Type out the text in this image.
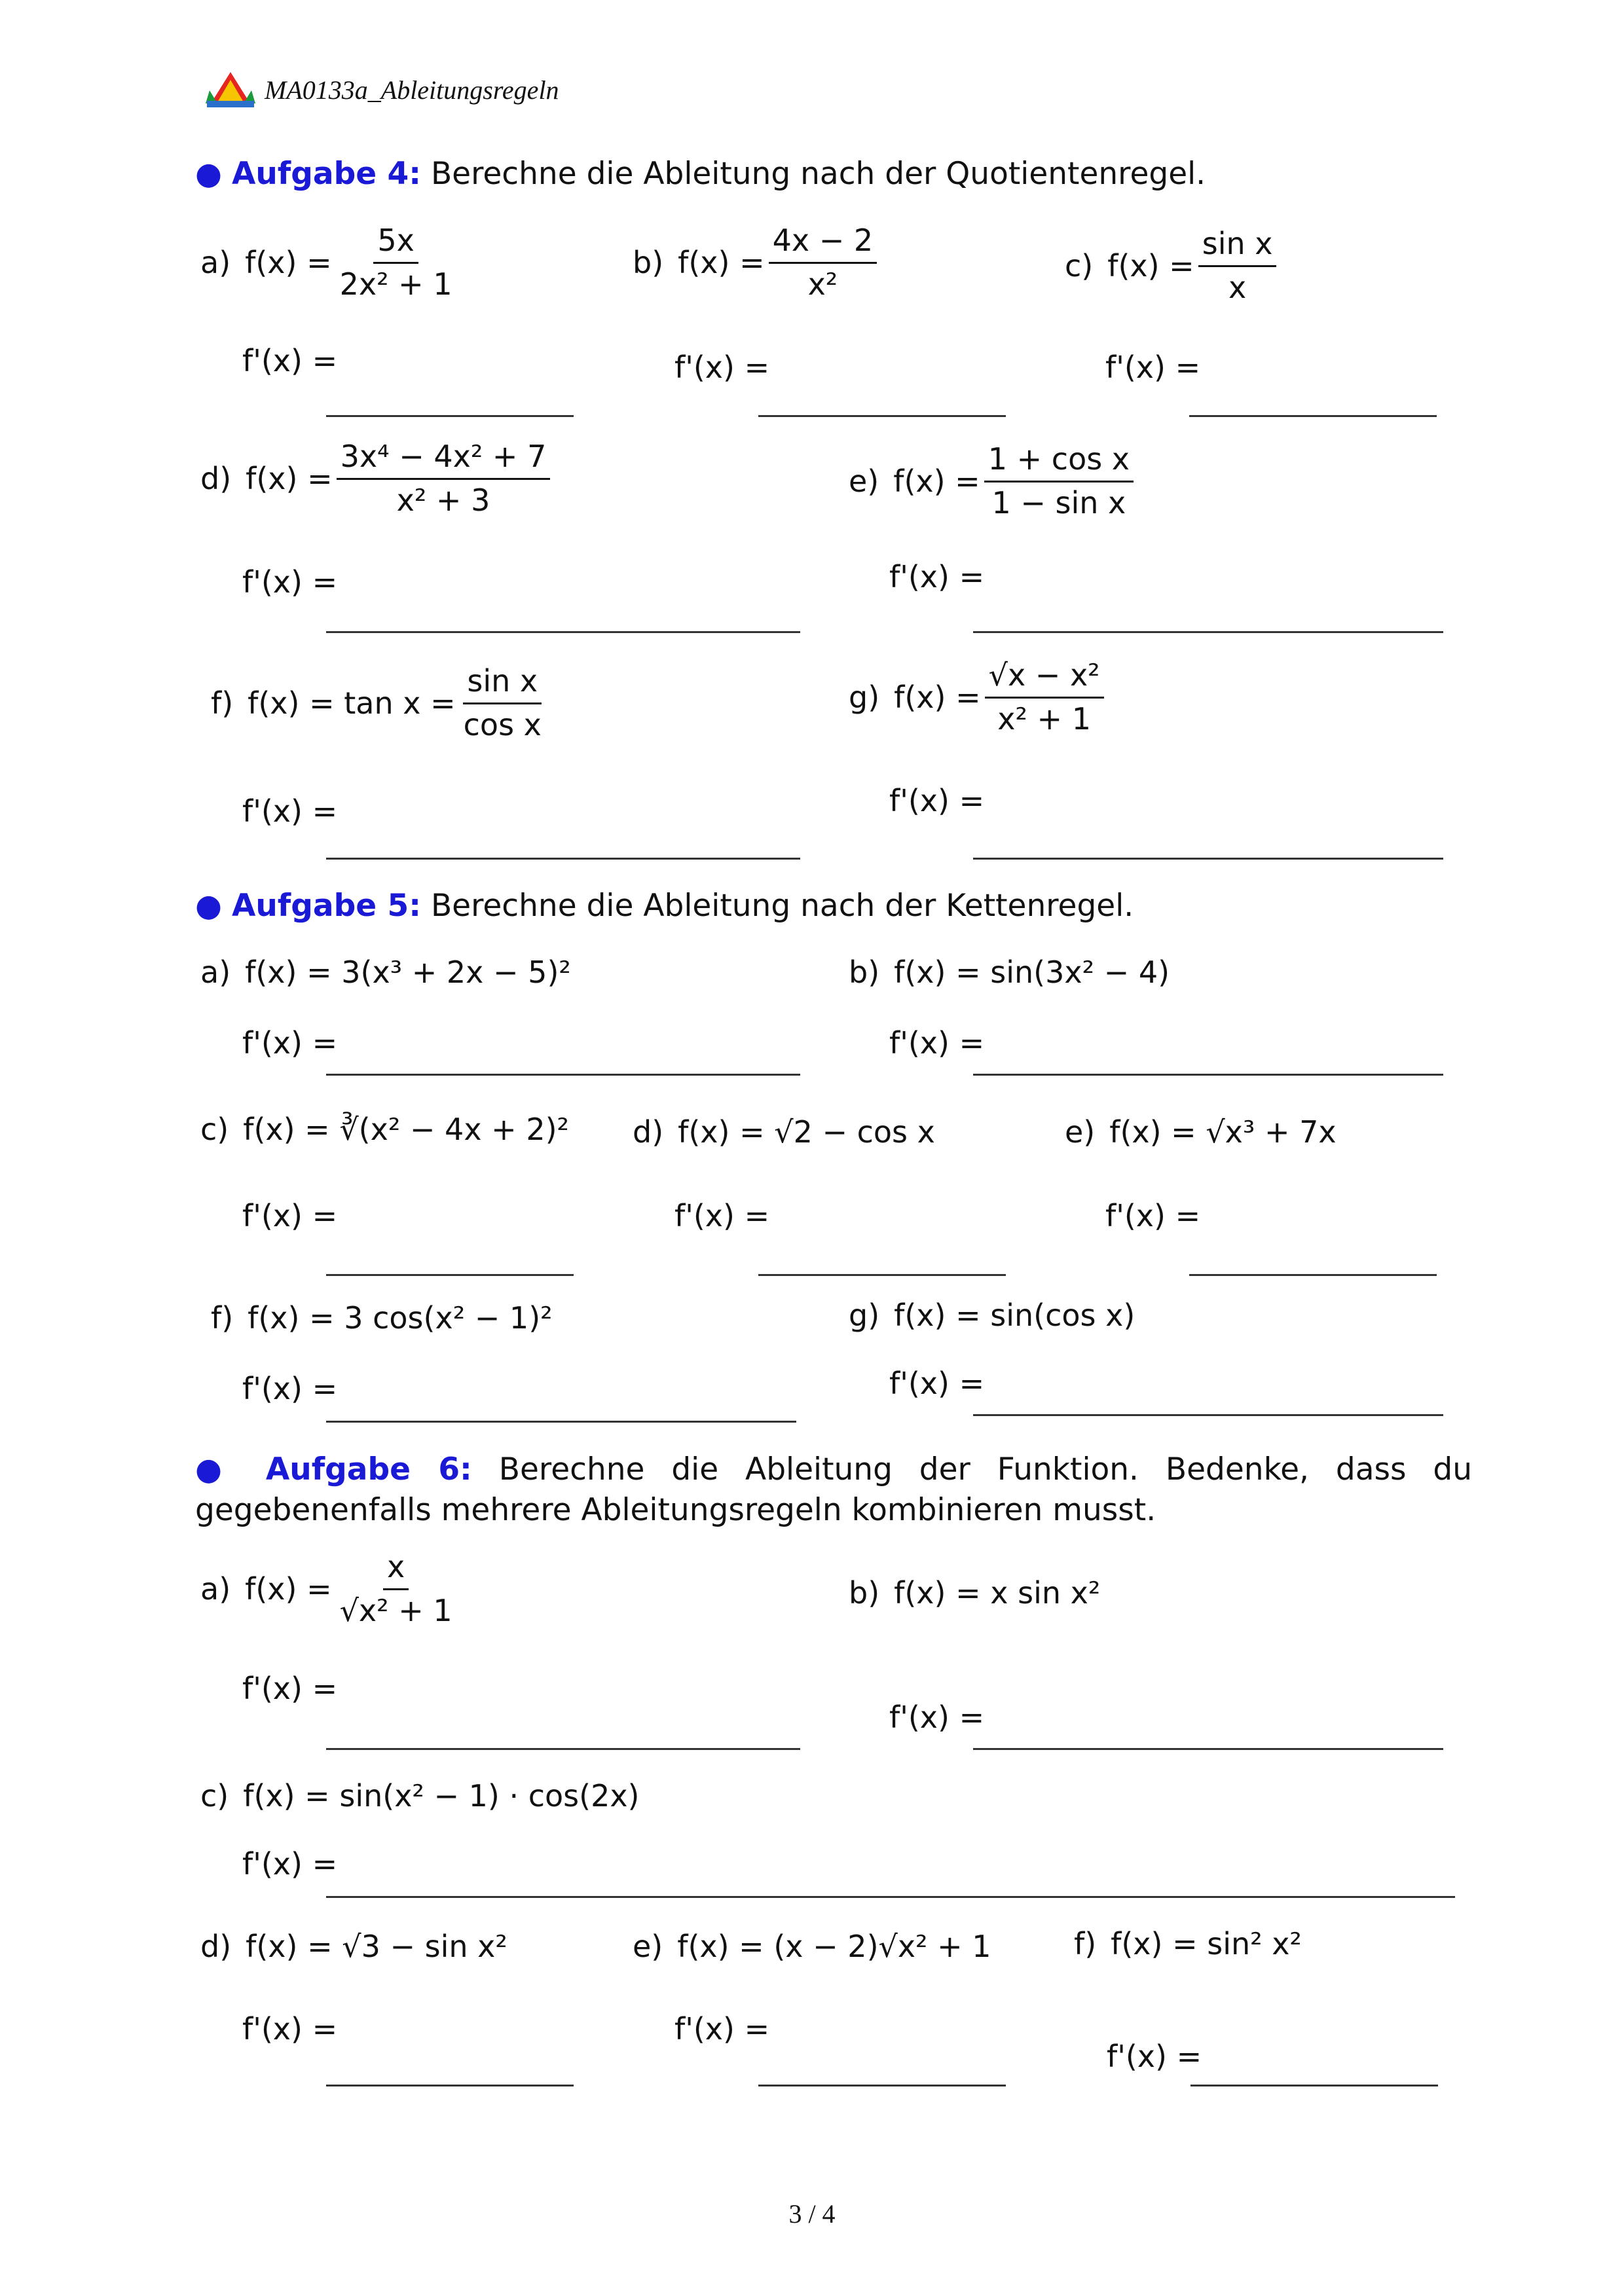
MA0133a_Ableitungsregeln
● Aufgabe 4: Berechne die Ableitung nach der Quotientenregel.
a) $f(x) = \frac{5x}{\text{2x² + 1}}$
f'(x) =
b) $f(x) = \frac{4x - 2}{\text{x²}}$
f'(x) =
c) $f(x) = \frac{\text{sin x}}{x}$
f'(x) =
d) $f(x) = \frac{\text{3x⁴ − 4x² + 7}}{\text{x² + 3}}$
f'(x) =
e) $f(x) = \frac{\text{1 + cos x}}{\text{1 − sin x}}$
f'(x) =
f) $f(x) = \tan x = \frac{\text{sin x}}{\text{cos x}}$
f'(x) =
g) $f(x) = \frac{\text{√x − x²}}{\text{x² + 1}}$
f'(x) =
● Aufgabe 5: Berechne die Ableitung nach der Kettenregel.
a) f(x) = 3(x³ + 2x − 5)²
f'(x) =
b) f(x) = sin(3x² − 4)
f'(x) =
c) f(x) = ∛(x² − 4x + 2)²
f'(x) =
d) f(x) = √2 − cos x
f'(x) =
e) f(x) = √x³ + 7x
f'(x) =
f) f(x) = 3 cos(x² − 1)²
f'(x) =
g) f(x) = sin(cos x)
f'(x) =
● Aufgabe 6: Berechne die Ableitung der Funktion. Bedenke, dass du gegebenenfalls mehrere Ableitungsregeln kombinieren musst.
a) $f(x) = \frac{x}{\text{√x² + 1}}$
f'(x) =
b) f(x) = x sin x²
f'(x) =
c) f(x) = sin(x² − 1) · cos(2x)
f'(x) =
d) f(x) = √3 − sin x²
f'(x) =
e) f(x) = (x − 2)√x² + 1
f'(x) =
f) f(x) = sin² x²
f'(x) =
3 / 4
